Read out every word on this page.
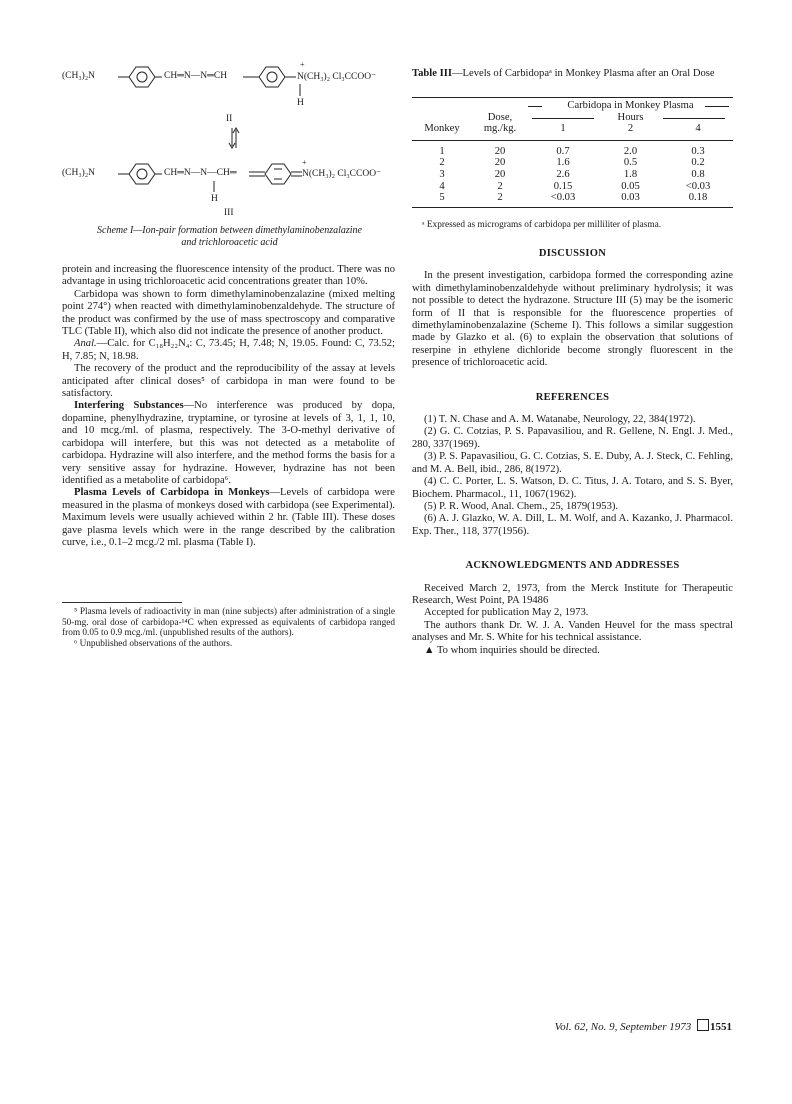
(CH₃)₂N	CH═N—N═CH
+
N(CH₃)₂ Cl₃CCOO⁻
H
II
(CH₃)₂N	CH═N—N—CH═
+
N(CH₃)₂ Cl₃CCOO⁻
H
III
Scheme I—Ion-pair formation between dimethylaminobenzalazine
and trichloroacetic acid

protein and increasing the fluorescence intensity of the product. There was no advantage in using trichloroacetic acid concentrations greater than 10%.

Carbidopa was shown to form dimethylaminobenzalazine (mixed melting point 274°) when reacted with dimethylaminobenzaldehyde. The structure of the product was confirmed by the use of mass spectroscopy and comparative TLC (Table II), which also did not indicate the presence of another product.

Anal.—Calc. for C₁₈H₂₂N₄: C, 73.45; H, 7.48; N, 19.05. Found: C, 73.52; H, 7.85; N, 18.98.

The recovery of the product and the reproducibility of the assay at levels anticipated after clinical doses⁵ of carbidopa in man were found to be satisfactory.

Interfering Substances—No interference was produced by dopa, dopamine, phenylhydrazine, tryptamine, or tyrosine at levels of 3, 1, 1, 10, and 10 mcg./ml. of plasma, respectively. The 3-O-methyl derivative of carbidopa will interfere, but this was not detected as a metabolite of carbidopa. Hydrazine will also interfere, and the method forms the basis for a very sensitive assay for hydrazine. However, hydrazine has not been identified as a metabolite of carbidopa⁶.

Plasma Levels of Carbidopa in Monkeys—Levels of carbidopa were measured in the plasma of monkeys dosed with carbidopa (see Experimental). Maximum levels were usually achieved within 2 hr. (Table III). These doses gave plasma levels which were in the range described by the calibration curve, i.e., 0.1–2 mcg./2 ml. plasma (Table I).

⁵ Plasma levels of radioactivity in man (nine subjects) after administration of a single 50-mg. oral dose of carbidopa-¹⁴C when expressed as equivalents of carbidopa ranged from 0.05 to 0.9 mcg./ml. (unpublished results of the authors).

⁶ Unpublished observations of the authors.

Table III—Levels of Carbidopaᵃ in Monkey Plasma after an Oral Dose
		Carbidopa in Monkey Plasma		

	Dose,	Hours		

Monkey	mg./kg.	1	2	4

1	20	0.7	2.0	0.3
2	20	1.6	0.5	0.2
3	20	2.6	1.8	0.8
4	2	0.15	0.05	<0.03
5	2	<0.03	0.03	0.18
ᵃ Expressed as micrograms of carbidopa per milliliter of plasma.
DISCUSSION

In the present investigation, carbidopa formed the corresponding azine with dimethylaminobenzaldehyde without preliminary hydrolysis; it was not possible to detect the hydrazone. Structure III (5) may be the isomeric form of II that is responsible for the fluorescence properties of dimethylaminobenzalazine (Scheme I). This follows a similar suggestion made by Glazko et al. (6) to explain the observation that solutions of reserpine in ethylene dichloride become strongly fluorescent in the presence of trichloroacetic acid.

REFERENCES

(1) T. N. Chase and A. M. Watanabe, Neurology, 22, 384(1972).

(2) G. C. Cotzias, P. S. Papavasiliou, and R. Gellene, N. Engl. J. Med., 280, 337(1969).

(3) P. S. Papavasiliou, G. C. Cotzias, S. E. Duby, A. J. Steck, C. Fehling, and M. A. Bell, ibid., 286, 8(1972).

(4) C. C. Porter, L. S. Watson, D. C. Titus, J. A. Totaro, and S. S. Byer, Biochem. Pharmacol., 11, 1067(1962).

(5) P. R. Wood, Anal. Chem., 25, 1879(1953).

(6) A. J. Glazko, W. A. Dill, L. M. Wolf, and A. Kazanko, J. Pharmacol. Exp. Ther., 118, 377(1956).

ACKNOWLEDGMENTS AND ADDRESSES

Received March 2, 1973, from the Merck Institute for Therapeutic Research, West Point, PA 19486

Accepted for publication May 2, 1973.

The authors thank Dr. W. J. A. Vanden Heuvel for the mass spectral analyses and Mr. S. White for his technical assistance.

▲ To whom inquiries should be directed.

Vol. 62, No. 9, September 1973 1551
